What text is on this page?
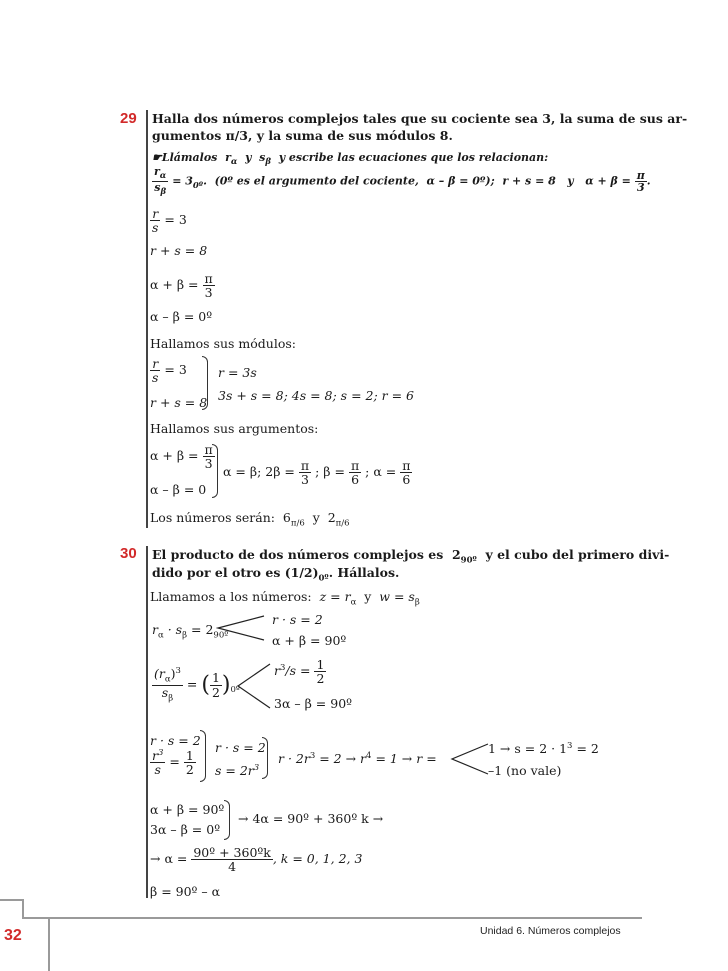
29 Halla dos números complejos tales que su cociente sea 3, la suma de sus ar-
gumentos π/3, y la suma de sus módulos 8.
☛Llámalos $r_\alpha$ y $s_\beta$ y escribe las ecuaciones que los relacionan:
$\frac{r_\alpha}{s_\beta} = 3_{0º}$.  (0º es el argumento del cociente, α – β = 0º); r + s = 8 y $\alpha + \beta = \frac{\pi}{3}$ .
$\frac{r}{s} = 3$
r + s = 8
$\alpha + \beta = \frac{\pi}{3}$
α – β = 0º
Hallamos sus módulos:
$\frac{r}{s} = 3$
r + s = 8
r = 3s
3s + s = 8; 4s = 8; s = 2; r = 6
Hallamos sus argumentos:
$\alpha + \beta = \frac{\pi}{3}$
α – β = 0
α = β; $2\beta = \frac{\pi}{3}$ ; $\beta = \frac{\pi}{6}$ ; $\alpha = \frac{\pi}{6}$
Los números serán: $6_{\pi/6}$ y $2_{\pi/6}$
30 El producto de dos números complejos es $2_{90º}$ y el cubo del primero divi-
dido por el otro es $(1/2)_{0º}$. Hállalos.
Llamamos a los números: $z = r_\alpha$ y $w = s_\beta$
$r_\alpha \cdot s_\beta = 2_{90º}$
r · s = 2
α + β = 90º
$\frac{(r_\alpha)^3}{s_\beta}$ = ( $\frac{1}{2} )_{0º}$
$r^3/s = \frac{1}{2}$
3α – β = 90º
r · s = 2
$\frac{r^3}{s} = \frac{1}{2}$
r · s = 2
$s = 2r^3$
$r \cdot 2r^3 = 2 \to r^4 = 1 \to r$ =
$1 \to s = 2 \cdot 1^3 = 2$
–1 (no vale)
α + β = 90º
3α – β = 0º
→ 4α = 90º + 360º k →
→ $\alpha = \frac{\text{90º + 360ºk}}{4}$ , k = 0, 1, 2, 3
β = 90º – α
32	Unidad 6. Números complejos
